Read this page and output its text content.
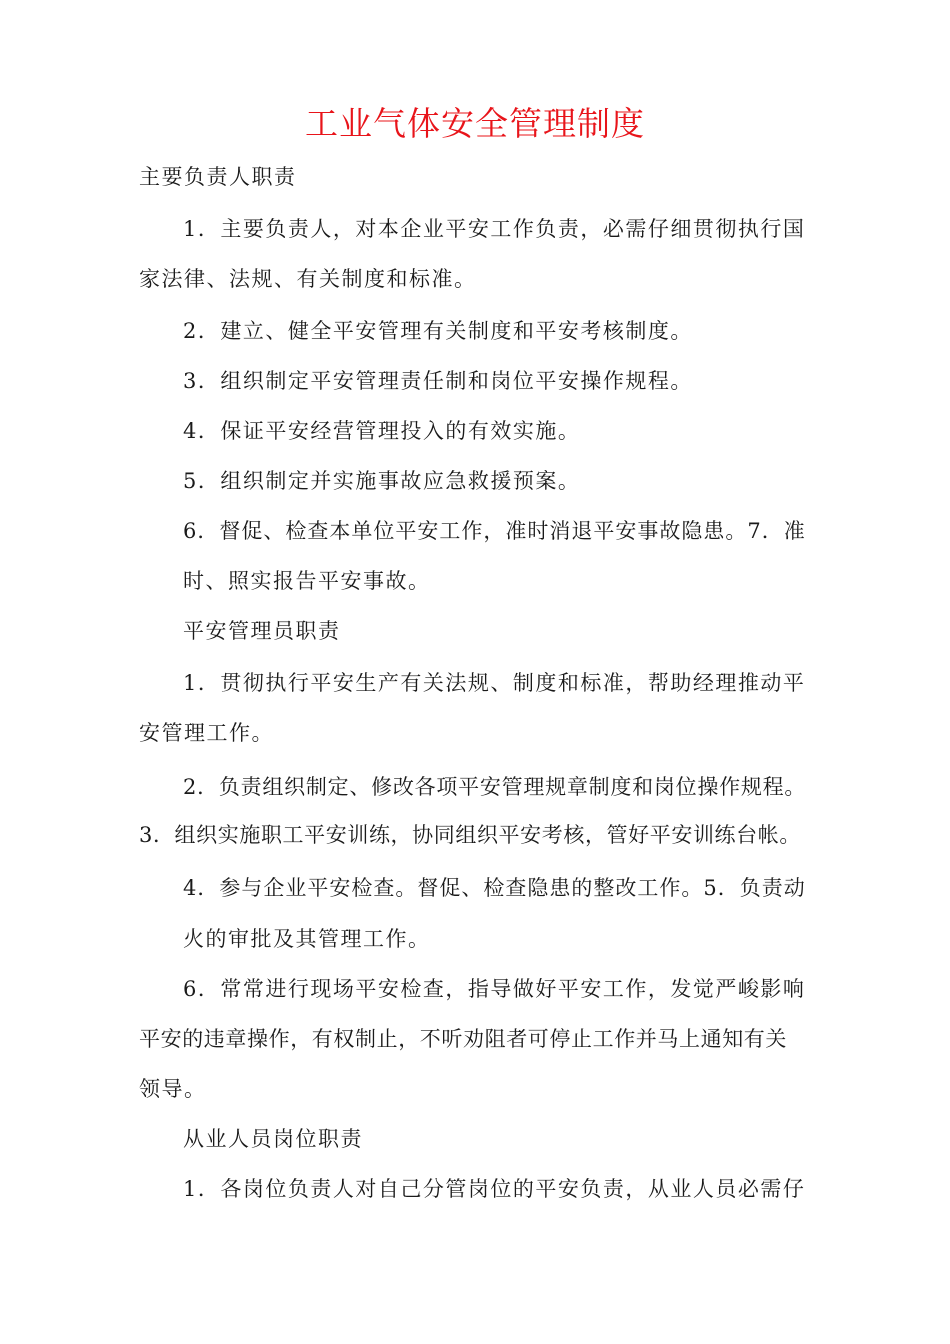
工业气体安全管理制度

主要负责人职责

1．主要负责人，对本企业平安工作负责，必需仔细贯彻执行国

家法律、法规、有关制度和标准。

2．建立、健全平安管理有关制度和平安考核制度。

3．组织制定平安管理责任制和岗位平安操作规程。

4．保证平安经营管理投入的有效实施。

5．组织制定并实施事故应急救援预案。

6．督促、检查本单位平安工作，准时消退平安事故隐患。7．准

时、照实报告平安事故。

平安管理员职责

1．贯彻执行平安生产有关法规、制度和标准，帮助经理推动平

安管理工作。

2．负责组织制定、修改各项平安管理规章制度和岗位操作规程。

3．组织实施职工平安训练，协同组织平安考核，管好平安训练台帐。

4．参与企业平安检查。督促、检查隐患的整改工作。5．负责动

火的审批及其管理工作。

6．常常进行现场平安检查，指导做好平安工作，发觉严峻影响

平安的违章操作，有权制止，不听劝阻者可停止工作并马上通知有关

领导。

从业人员岗位职责

1．各岗位负责人对自己分管岗位的平安负责，从业人员必需仔
